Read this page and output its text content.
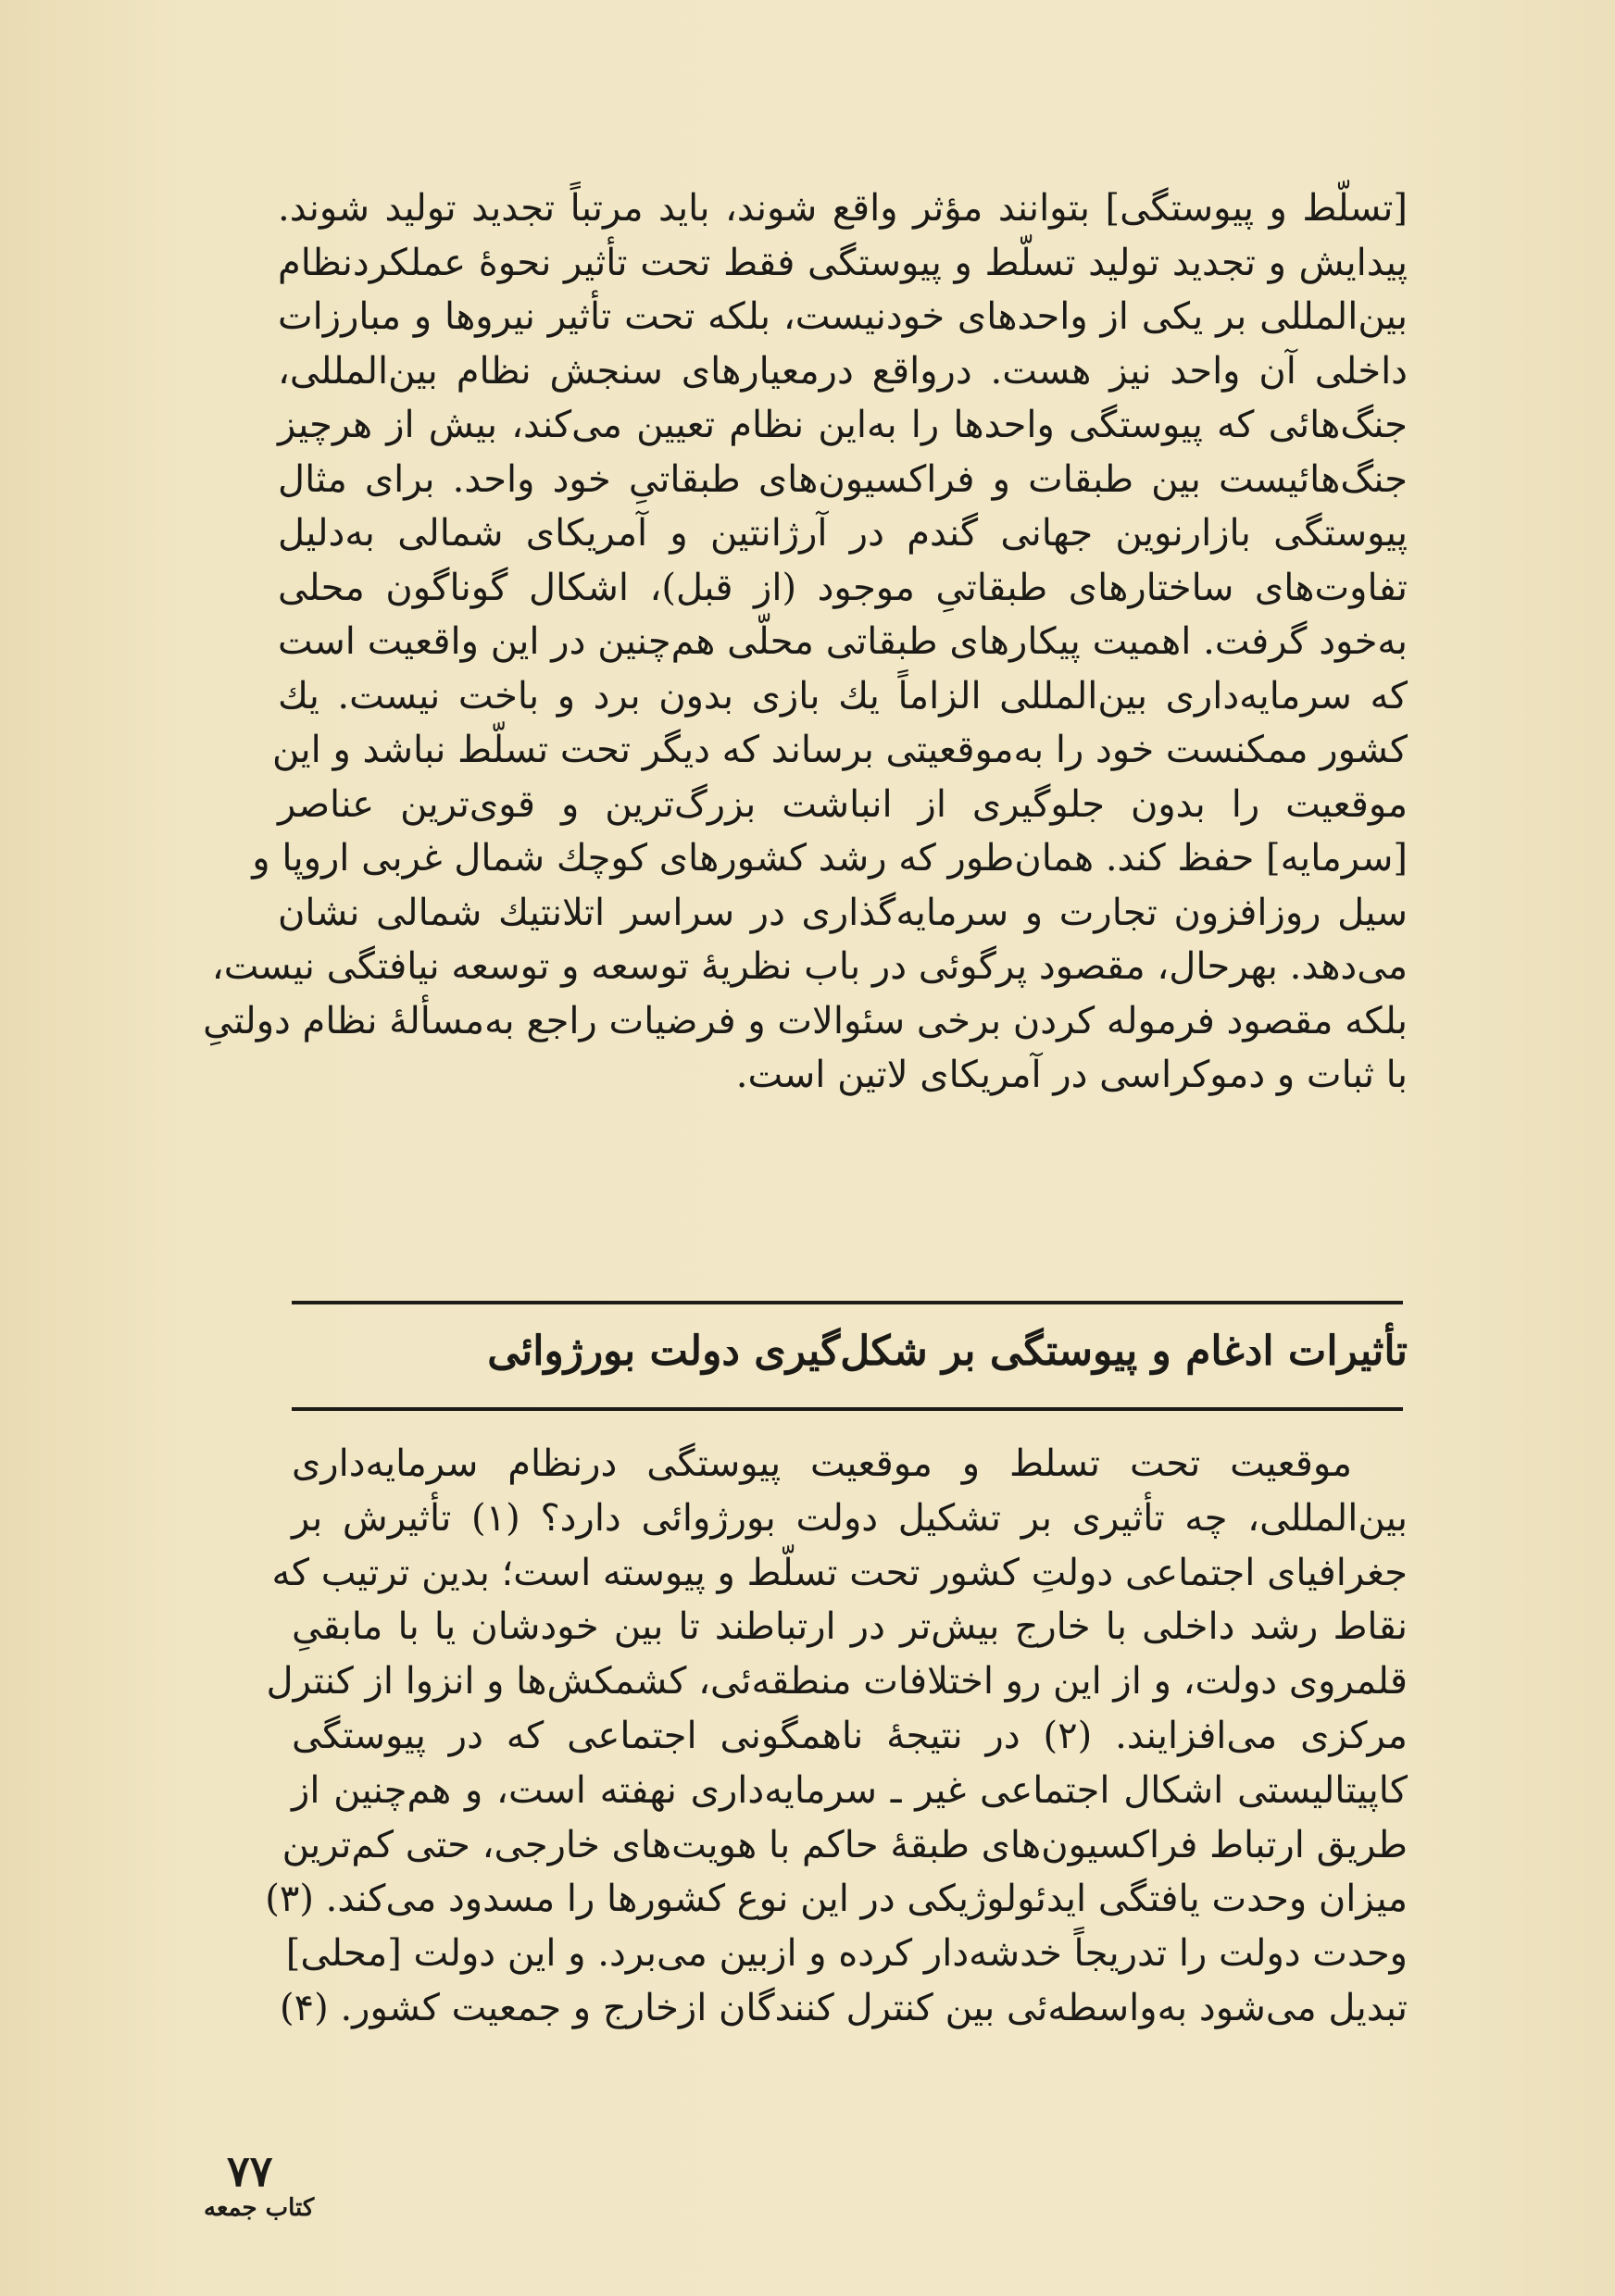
[تسلّط و پیوستگی] بتوانند مؤثر واقع شوند، باید مرتباً تجدید تولید شوند.
پیدایش و تجدید تولید تسلّط و پیوستگی فقط تحت تأثیر نحوهٔ عملکردنظام
بین‌المللی بر یکی از واحدهای خودنیست، بلکه تحت تأثیر نیروها و مبارزات
داخلی آن واحد نیز هست. درواقع درمعیارهای سنجش نظام بین‌المللی،
جنگ‌هائی که پیوستگی واحدها را به‌این نظام تعیین می‌کند، بیش از هرچیز
جنگ‌هائیست بین طبقات و فراکسیون‌های طبقاتیِ خود واحد. برای مثال
پیوستگی بازارنوین جهانی گندم در آرژانتین و آمریکای شمالی به‌دلیل
تفاوت‌های ساختارهای طبقاتیِ موجود (از قبل)، اشکال گوناگون محلی
به‌خود گرفت. اهمیت پیکارهای طبقاتی محلّی هم‌چنین در این واقعیت است
که سرمایه‌داری بین‌المللی الزاماً یك بازی بدون برد و باخت نیست. یك
کشور ممکنست خود را به‌موقعیتی برساند که دیگر تحت تسلّط نباشد و این
موقعیت را بدون جلوگیری از انباشت بزرگ‌ترین و قوی‌ترین عناصر
[سرمایه] حفظ کند. همان‌طور که رشد کشورهای کوچك شمال غربی اروپا و
سیل روزافزون تجارت و سرمایه‌گذاری در سراسر اتلانتیك شمالی نشان
می‌دهد. بهرحال، مقصود پرگوئی در باب نظریهٔ توسعه و توسعه نیافتگی نیست،
بلکه مقصود فرموله کردن برخی سئوالات و فرضیات راجع به‌مسألهٔ نظام دولتیِ
با ثبات و دموکراسی در آمریکای لاتین است.
تأثیرات ادغام و پیوستگی بر شکل‌گیری دولت بورژوائی
موقعیت تحت تسلط و موقعیت پیوستگی درنظام سرمایه‌داری
بین‌المللی، چه تأثیری بر تشکیل دولت بورژوائی دارد؟ (۱) تأثیرش بر
جغرافیای اجتماعی دولتِ کشور تحت تسلّط و پیوسته است؛ بدین ترتیب که
نقاط رشد داخلی با خارج بیش‌تر در ارتباطند تا بین خودشان یا با مابقیِ
قلمروی دولت، و از این رو اختلافات منطقه‌ئی، کشمکش‌ها و انزوا از کنترل
مرکزی می‌افزایند. (۲) در نتیجهٔ ناهمگونی اجتماعی که در پیوستگی
کاپیتالیستی اشکال اجتماعی غیر ـ سرمایه‌داری نهفته است، و هم‌چنین از
طریق ارتباط فراکسیون‌های طبقهٔ حاکم با هویت‌های خارجی، حتی کم‌ترین
میزان وحدت یافتگی ایدئولوژیکی در این نوع کشورها را مسدود می‌کند. (۳)
وحدت دولت را تدریجاً خدشه‌دار کرده و ازبین می‌برد. و این دولت [محلی]
تبدیل می‌شود به‌واسطه‌ئی بین کنترل کنندگان ازخارج و جمعیت کشور. (۴)
۷۷
کتاب جمعه
